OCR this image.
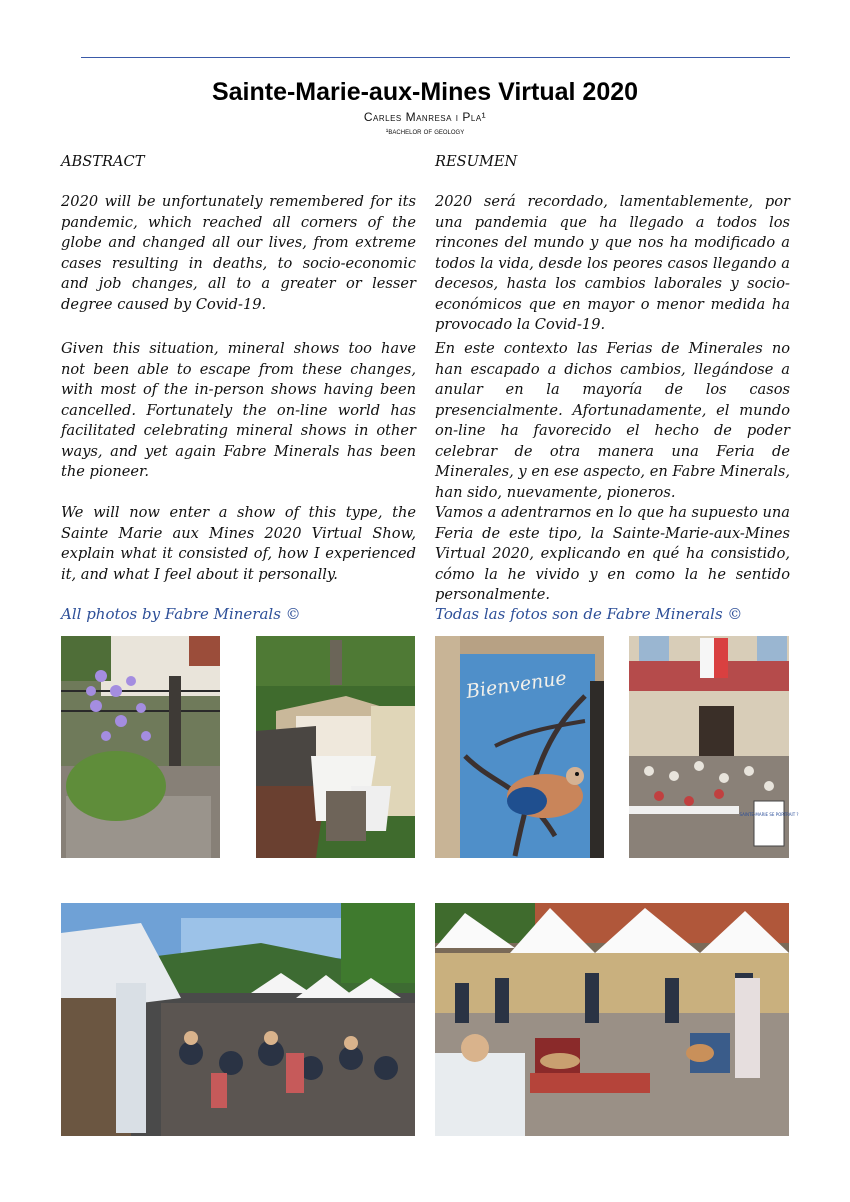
Sainte-Marie-aux-Mines Virtual 2020
Carles Manresa i Pla¹
¹bachelor of geology
ABSTRACT

2020 will be unfortunately remembered for its pandemic, which reached all corners of the globe and changed all our lives, from extreme cases resulting in deaths, to socio-economic and job changes, all to a greater or lesser degree caused by Covid-19.

Given this situation, mineral shows too have not been able to escape from these changes, with most of the in-person shows having been cancelled. Fortunately the on-line world has facilitated celebrating mineral shows in other ways, and yet again Fabre Minerals has been the pioneer.

We will now enter a show of this type, the Sainte Marie aux Mines 2020 Virtual Show, explain what it consisted of, how I experienced it, and what I feel about it personally.

All photos by Fabre Minerals ©
RESUMEN

2020 será recordado, lamentablemente, por una pandemia que ha llegado a todos los rincones del mundo y que nos ha modificado a todos la vida, desde los peores casos llegando a decesos, hasta los cambios laborales y socio-económicos que en mayor o menor medida ha provocado la Covid-19.

En este contexto las Ferias de Minerales no han escapado a dichos cambios, llegándose a anular en la mayoría de los casos presencialmente. Afortunadamente, el mundo on-line ha favorecido el hecho de poder celebrar de otra manera una Feria de Minerales, y en ese aspecto, en Fabre Minerals, han sido, nuevamente, pioneros.

Vamos a adentrarnos en lo que ha supuesto una Feria de este tipo, la Sainte-Marie-aux-Mines Virtual 2020, explicando en qué ha consistido, cómo la he vivido y en como la he sentido personalmente.

Todas las fotos son de Fabre Minerals ©
Bienvenue
SAINTE-MARIE SE PORTRAIT ?
